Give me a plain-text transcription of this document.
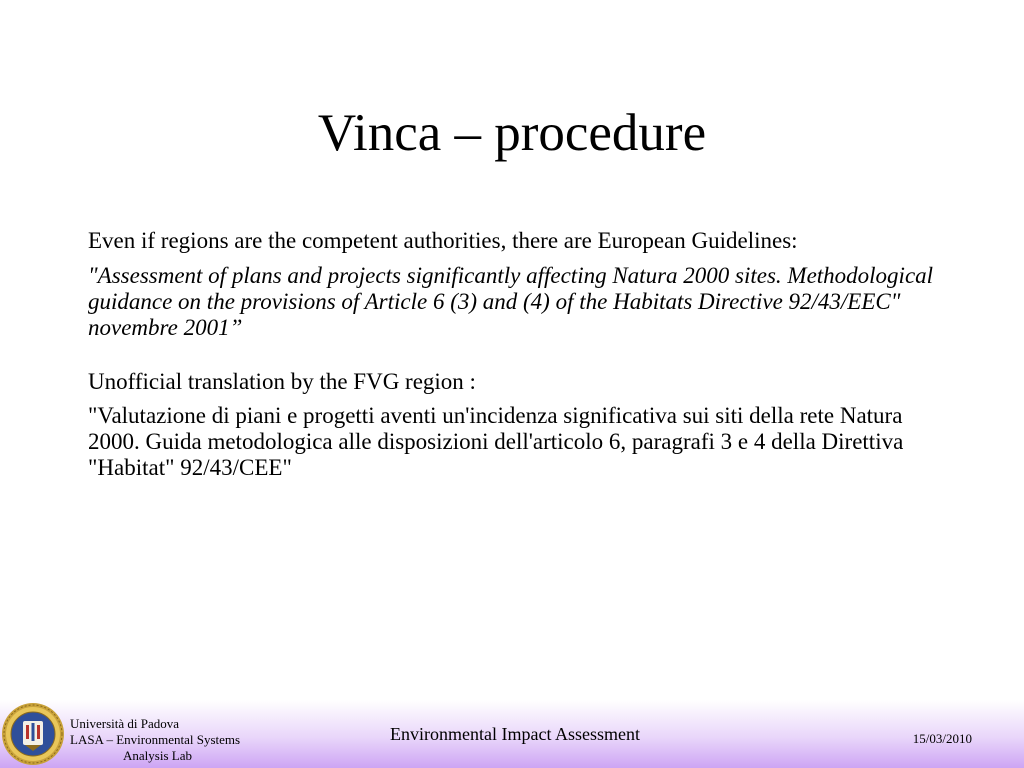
Vinca – procedure

Even if regions are the competent authorities, there are European Guidelines:

"Assessment of plans and projects significantly affecting Natura 2000 sites. Methodological guidance on the provisions of Article 6 (3) and (4) of the Habitats Directive 92/43/EEC" novembre 2001”

Unofficial translation by the FVG region :

"Valutazione di piani e progetti aventi un'incidenza significativa sui siti della rete Natura 2000. Guida metodologica alle disposizioni dell'articolo 6, paragrafi 3 e 4 della Direttiva "Habitat" 92/43/CEE"

Università di Padova
LASA – Environmental Systems
Analysis Lab
Environmental Impact Assessment	15/03/2010
